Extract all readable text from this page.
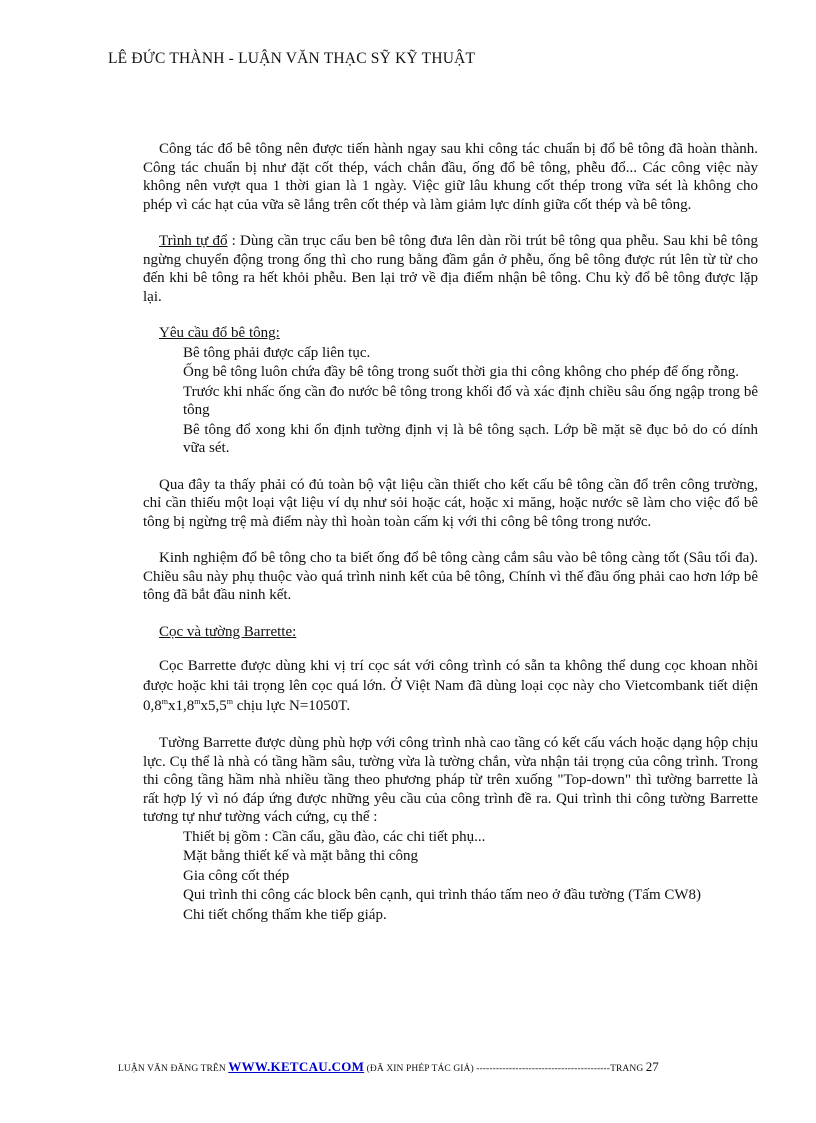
LÊ ĐỨC THÀNH - LUẬN VĂN THẠC SỸ KỸ THUẬT

Công tác đổ bê tông nên được tiến hành ngay sau khi công tác chuẩn bị đổ bê tông đã hoàn thành. Công tác chuẩn bị như đặt cốt thép, vách chắn đầu, ống đổ bê tông, phễu đổ... Các công việc này không nên vượt qua 1 thời gian là 1 ngày. Việc giữ lâu khung cốt thép trong vữa sét là không cho phép vì các hạt của vữa sẽ lắng trên cốt thép và làm giảm lực dính giữa cốt thép và bê tông.

Trình tự đổ : Dùng cần trục cẩu ben bê tông đưa lên dàn rồi trút bê tông qua phễu. Sau khi bê tông ngừng chuyển động trong ống thì cho rung bằng đầm gắn ở phễu, ống bê tông được rút lên từ từ cho đến khi bê tông ra hết khỏi phễu. Ben lại trở về địa điểm nhận bê tông. Chu kỳ đổ bê tông được lặp lại.

Yêu cầu đổ bê tông:
Bê tông phải được cấp liên tục.
Ống bê tông luôn chứa đầy bê tông trong suốt thời gia thi công không cho phép để ống rỗng.
Trước khi nhấc ống cần đo nước bê tông trong khối đổ và xác định chiều sâu ống ngập trong bê tông
Bê tông đổ xong khi ổn định tường định vị là bê tông sạch. Lớp bề mặt sẽ đục bỏ do có dính vữa sét.

Qua đây ta thấy phải có đủ toàn bộ vật liệu cần thiết cho kết cấu bê tông cần đổ trên công trường, chỉ cần thiếu một loại vật liệu ví dụ như sỏi hoặc cát, hoặc xi măng, hoặc nước sẽ làm cho việc đổ bê tông bị ngừng trệ mà điểm này thì hoàn toàn cấm kị với thi công bê tông trong nước.

Kinh nghiệm đổ bê tông cho ta biết ống đổ bê tông càng cắm sâu vào bê tông càng tốt (Sâu tối đa). Chiều sâu này phụ thuộc vào quá trình ninh kết của bê tông, Chính vì thế đầu ống phải cao hơn lớp bê tông đã bắt đầu ninh kết.

Cọc và tường Barrette:

Cọc Barrette được dùng khi vị trí cọc sát với công trình có sẵn ta không thể dung cọc khoan nhồi được hoặc khi tải trọng lên cọc quá lớn. Ở Việt Nam đã dùng loại cọc này cho Vietcombank tiết diện 0,8$^m$x1,8$^m$x5,5$^m$ chịu lực N=1050T.

Tường Barrette được dùng phù hợp với công trình nhà cao tầng có kết cấu vách hoặc dạng hộp chịu lực. Cụ thể là nhà có tầng hầm sâu, tường vừa là tường chắn, vừa nhận tải trọng của công trình. Trong thi công tầng hầm nhà nhiều tầng theo phương pháp từ trên xuống "Top-down" thì tường barrette là rất hợp lý vì nó đáp ứng được những yêu cầu của công trình đề ra. Qui trình thi công tường Barrette tương tự như tường vách cứng, cụ thể :

Thiết bị gồm : Cần cẩu, gầu đào, các chi tiết phụ...
Mặt bằng thiết kế và mặt bằng thi công
Gia công cốt thép
Qui trình thi công các block bên cạnh, qui trình tháo tấm neo ở đầu tường (Tấm CW8)
Chi tiết chống thấm khe tiếp giáp.
LUẬN VĂN ĐĂNG TRÊN WWW.KETCAU.COM (ĐÃ XIN PHÉP TÁC GIẢ) -----------------------------------------TRANG 27
